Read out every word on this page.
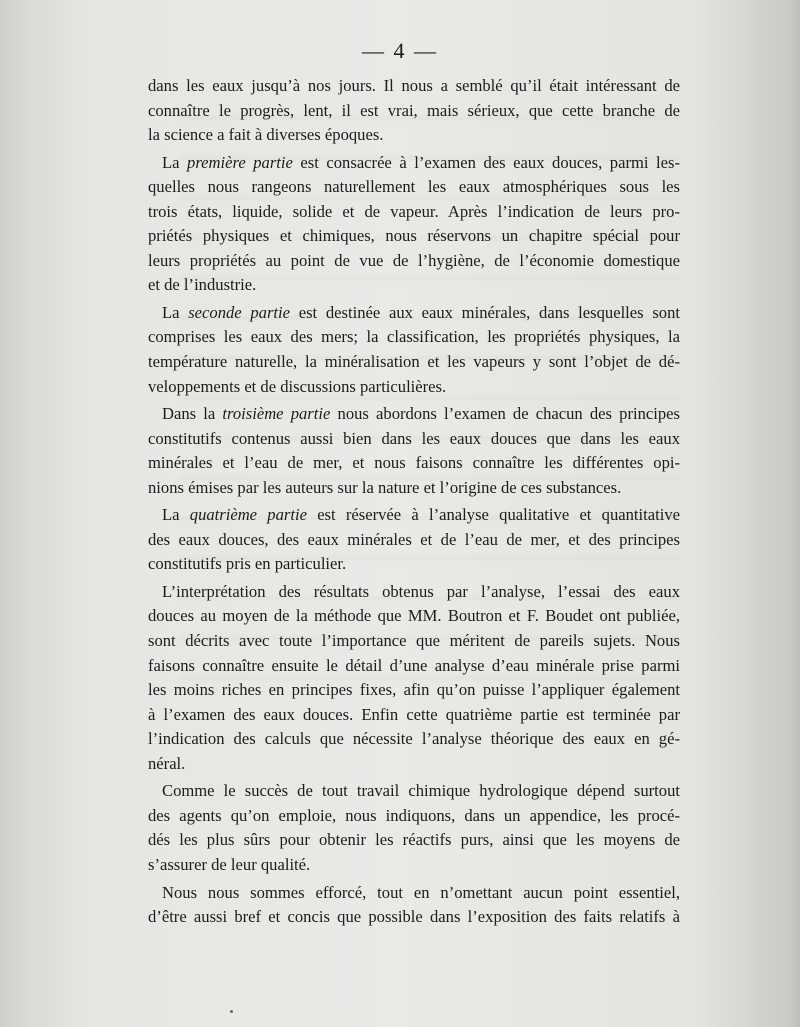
— 4 —
dans les eaux jusqu’à nos jours. Il nous a semblé qu’il était intéressant de
connaître le progrès, lent, il est vrai, mais sérieux, que cette branche de
la science a fait à diverses époques.
La première partie est consacrée à l’examen des eaux douces, parmi les-
quelles nous rangeons naturellement les eaux atmosphériques sous les
trois états, liquide, solide et de vapeur. Après l’indication de leurs pro-
priétés physiques et chimiques, nous réservons un chapitre spécial pour
leurs propriétés au point de vue de l’hygiène, de l’économie domestique
et de l’industrie.
La seconde partie est destinée aux eaux minérales, dans lesquelles sont
comprises les eaux des mers; la classification, les propriétés physiques, la
température naturelle, la minéralisation et les vapeurs y sont l’objet de dé-
veloppements et de discussions particulières.
Dans la troisième partie nous abordons l’examen de chacun des principes
constitutifs contenus aussi bien dans les eaux douces que dans les eaux
minérales et l’eau de mer, et nous faisons connaître les différentes opi-
nions émises par les auteurs sur la nature et l’origine de ces substances.
La quatrième partie est réservée à l’analyse qualitative et quantitative
des eaux douces, des eaux minérales et de l’eau de mer, et des principes
constitutifs pris en particulier.
L’interprétation des résultats obtenus par l’analyse, l’essai des eaux
douces au moyen de la méthode que MM. Boutron et F. Boudet ont publiée,
sont décrits avec toute l’importance que méritent de pareils sujets. Nous
faisons connaître ensuite le détail d’une analyse d’eau minérale prise parmi
les moins riches en principes fixes, afin qu’on puisse l’appliquer également
à l’examen des eaux douces. Enfin cette quatrième partie est terminée par
l’indication des calculs que nécessite l’analyse théorique des eaux en gé-
néral.
Comme le succès de tout travail chimique hydrologique dépend surtout
des agents qu’on emploie, nous indiquons, dans un appendice, les procé-
dés les plus sûrs pour obtenir les réactifs purs, ainsi que les moyens de
s’assurer de leur qualité.
Nous nous sommes efforcé, tout en n’omettant aucun point essentiel,
d’être aussi bref et concis que possible dans l’exposition des faits relatifs à
